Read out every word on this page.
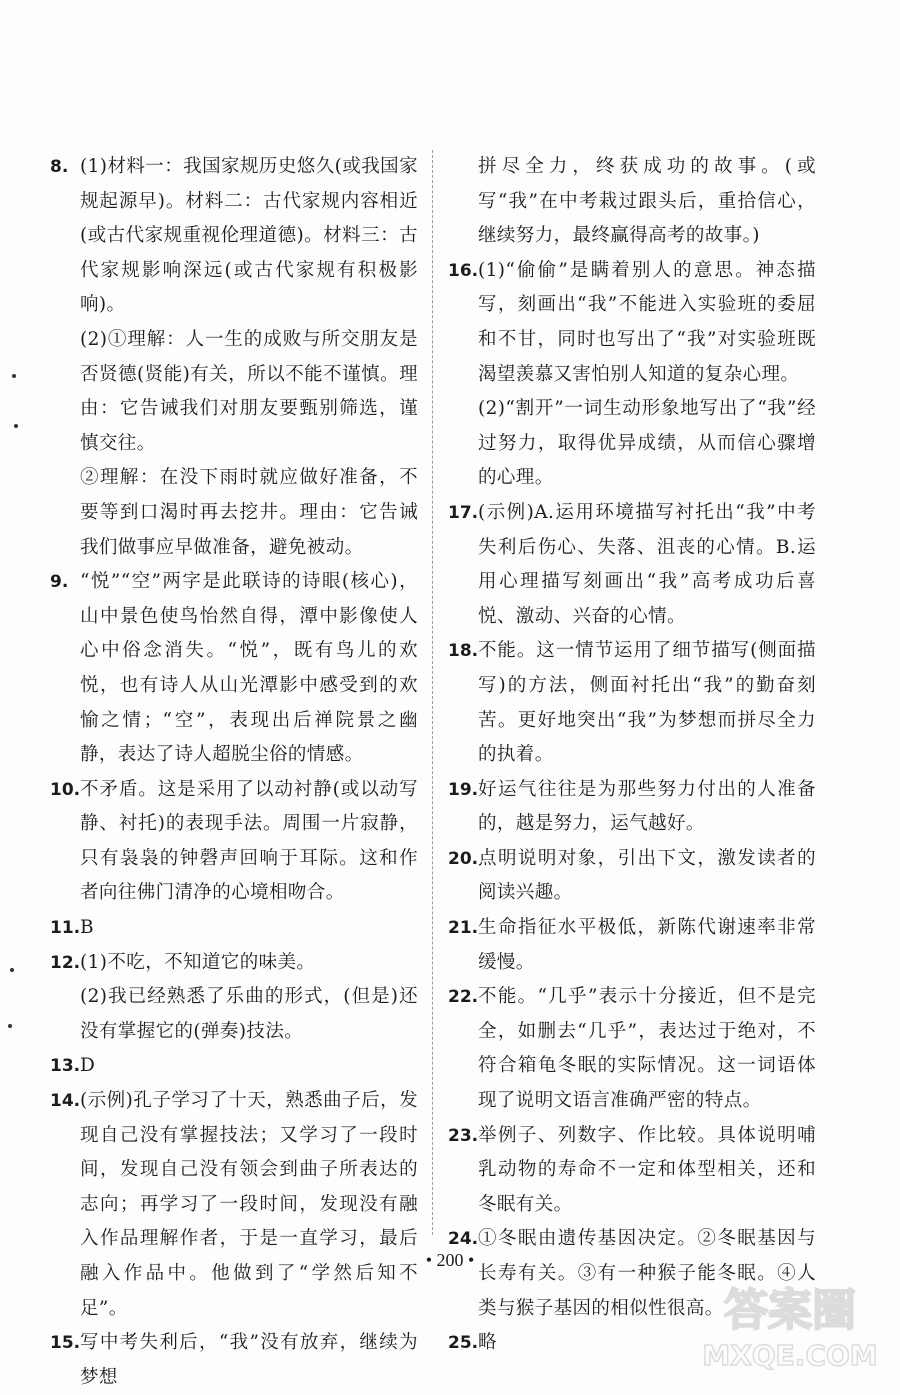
8. (1)材料一：我国家规历史悠久(或我国家规起源早)。材料二：古代家规内容相近(或古代家规重视伦理道德)。材料三：古代家规影响深远(或古代家规有积极影响)。

(2)①理解：人一生的成败与所交朋友是否贤德(贤能)有关，所以不能不谨慎。理由：它告诫我们对朋友要甄别筛选，谨慎交往。

②理解：在没下雨时就应做好准备，不要等到口渴时再去挖井。理由：它告诫我们做事应早做准备，避免被动。

9. “悦”“空”两字是此联诗的诗眼(核心)，山中景色使鸟怡然自得，潭中影像使人心中俗念消失。“悦”，既有鸟儿的欢悦，也有诗人从山光潭影中感受到的欢愉之情；“空”，表现出后禅院景之幽静，表达了诗人超脱尘俗的情感。

10. 不矛盾。这是采用了以动衬静(或以动写静、衬托)的表现手法。周围一片寂静，只有袅袅的钟磬声回响于耳际。这和作者向往佛门清净的心境相吻合。

11. B

12. (1)不吃，不知道它的味美。

(2)我已经熟悉了乐曲的形式，(但是)还没有掌握它的(弹奏)技法。

13. D

14. (示例)孔子学习了十天，熟悉曲子后，发现自己没有掌握技法；又学习了一段时间，发现自己没有领会到曲子所表达的志向；再学习了一段时间，发现没有融入作品理解作者，于是一直学习，最后融入作品中。他做到了“学然后知不足”。

15. 写中考失利后，“我”没有放弃，继续为梦想

拼尽全力，终获成功的故事。(或写“我”在中考栽过跟头后，重拾信心，继续努力，最终赢得高考的故事。)

16. (1)“偷偷”是瞒着别人的意思。神态描写，刻画出“我”不能进入实验班的委屈和不甘，同时也写出了“我”对实验班既渴望羡慕又害怕别人知道的复杂心理。

(2)“割开”一词生动形象地写出了“我”经过努力，取得优异成绩，从而信心骤增的心理。

17. (示例)A.运用环境描写衬托出“我”中考失利后伤心、失落、沮丧的心情。B.运用心理描写刻画出“我”高考成功后喜悦、激动、兴奋的心情。

18. 不能。这一情节运用了细节描写(侧面描写)的方法，侧面衬托出“我”的勤奋刻苦。更好地突出“我”为梦想而拼尽全力的执着。

19. 好运气往往是为那些努力付出的人准备的，越是努力，运气越好。

20. 点明说明对象，引出下文，激发读者的阅读兴趣。

21. 生命指征水平极低，新陈代谢速率非常缓慢。

22. 不能。“几乎”表示十分接近，但不是完全，如删去“几乎”，表达过于绝对，不符合箱龟冬眠的实际情况。这一词语体现了说明文语言准确严密的特点。

23. 举例子、列数字、作比较。具体说明哺乳动物的寿命不一定和体型相关，还和冬眠有关。

24. ①冬眠由遗传基因决定。②冬眠基因与长寿有关。③有一种猴子能冬眠。④人类与猴子基因的相似性很高。

25. 略

• 200 •
答案圈
MXQE.COM
